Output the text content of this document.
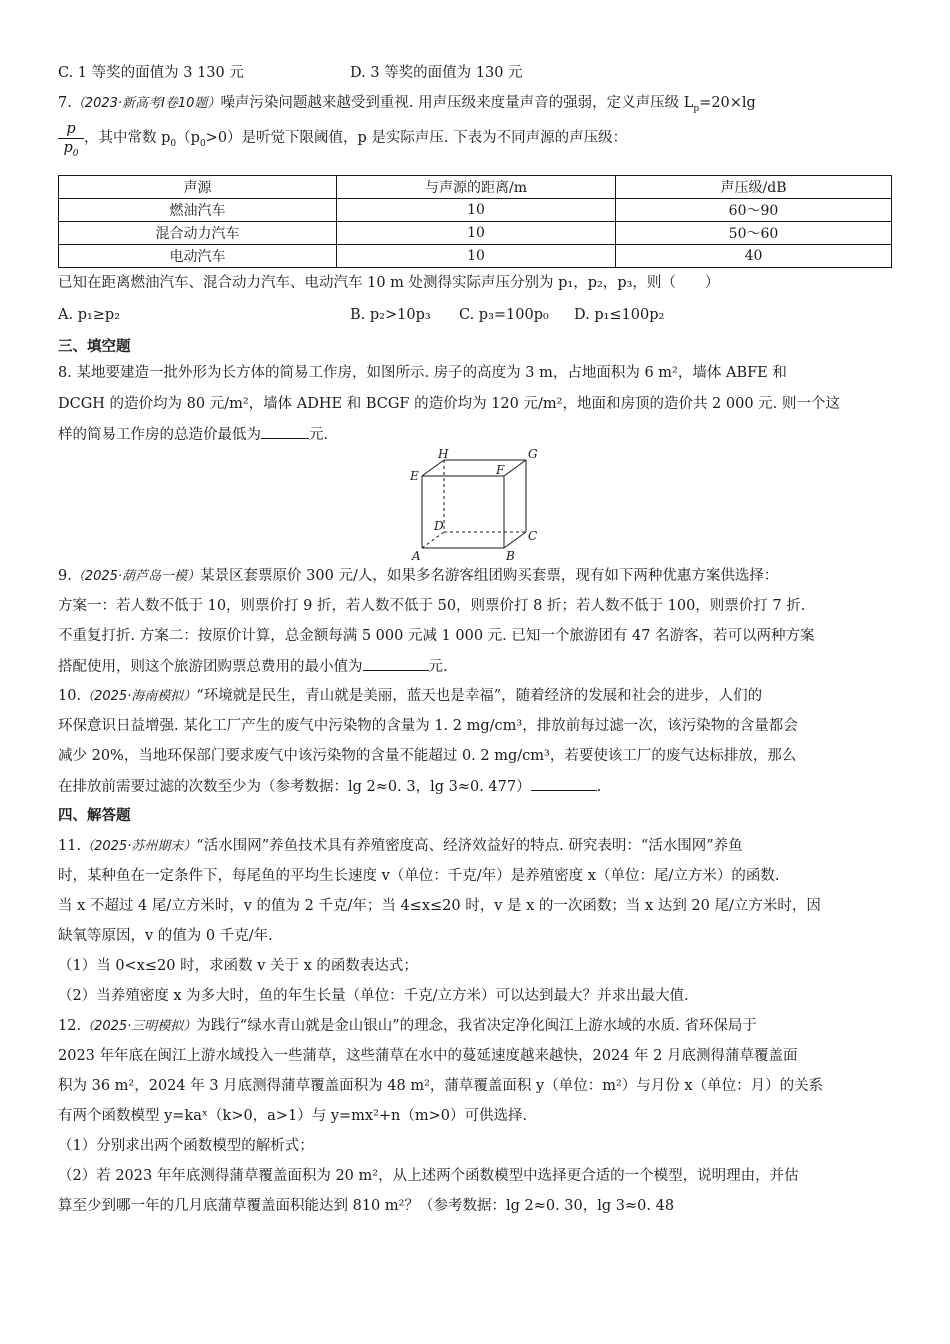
C. 1 等奖的面值为 3 130 元	D. 3 等奖的面值为 130 元
7.（2023·新高考Ⅰ卷10题）噪声污染问题越来越受到重视. 用声压级来度量声音的强弱，定义声压级 $L_p=20\times\lg$
$\frac{p}{p_0}$ ，其中常数 $p_0(p_0>0)$是听觉下限阈值，p 是实际声压. 下表为不同声源的声压级：
声源	与声源的距离/m	声压级/dB
燃油汽车	10	60～90
混合动力汽车	10	50～60
电动汽车	10	40
已知在距离燃油汽车、混合动力汽车、电动汽车 10 m 处测得实际声压分别为 p₁，p₂，p₃，则（　　）
A. p₁≥p₂	B. p₂>10p₃ C. p₃=100p₀ D. p₁≤100p₂
三、填空题
8. 某地要建造一批外形为长方体的简易工作房，如图所示. 房子的高度为 3 m，占地面积为 6 m²，墙体 ABFE 和
DCGH 的造价均为 80 元/m²，墙体 ADHE 和 BCGF 的造价均为 120 元/m²，地面和房顶的造价共 2 000 元. 则一个这
样的简易工作房的总造价最低为	元.
H	G
E	F
D
C
A	B
9.（2025·葫芦岛一模）某景区套票原价 300 元/人，如果多名游客组团购买套票，现有如下两种优惠方案供选择：
方案一：若人数不低于 10，则票价打 9 折，若人数不低于 50，则票价打 8 折；若人数不低于 100，则票价打 7 折.
不重复打折. 方案二：按原价计算，总金额每满 5 000 元减 1 000 元. 已知一个旅游团有 47 名游客，若可以两种方案
搭配使用，则这个旅游团购票总费用的最小值为	元.
10.（2025·海南模拟）“环境就是民生，青山就是美丽，蓝天也是幸福”，随着经济的发展和社会的进步，人们的
环保意识日益增强. 某化工厂产生的废气中污染物的含量为 1. 2 mg/cm³，排放前每过滤一次，该污染物的含量都会
减少 20%，当地环保部门要求废气中该污染物的含量不能超过 0. 2 mg/cm³，若要使该工厂的废气达标排放，那么
在排放前需要过滤的次数至少为（参考数据：lg 2≈0. 3，lg 3≈0. 477）	.
四、解答题
11.（2025·苏州期末）“活水围网”养鱼技术具有养殖密度高、经济效益好的特点. 研究表明：“活水围网”养鱼
时，某种鱼在一定条件下，每尾鱼的平均生长速度 v（单位：千克/年）是养殖密度 x（单位：尾/立方米）的函数.
当 x 不超过 4 尾/立方米时，v 的值为 2 千克/年；当 4≤x≤20 时，v 是 x 的一次函数；当 x 达到 20 尾/立方米时，因
缺氧等原因，v 的值为 0 千克/年.
（1）当 0<x≤20 时，求函数 v 关于 x 的函数表达式；
（2）当养殖密度 x 为多大时，鱼的年生长量（单位：千克/立方米）可以达到最大？并求出最大值.
12.（2025·三明模拟）为践行“绿水青山就是金山银山”的理念，我省决定净化闽江上游水域的水质. 省环保局于
2023 年年底在闽江上游水域投入一些蒲草，这些蒲草在水中的蔓延速度越来越快，2024 年 2 月底测得蒲草覆盖面
积为 36 m²，2024 年 3 月底测得蒲草覆盖面积为 48 m²，蒲草覆盖面积 y（单位：m²）与月份 x（单位：月）的关系
有两个函数模型 y=kaˣ（k>0，a>1）与 y=mx²+n（m>0）可供选择.
（1）分别求出两个函数模型的解析式；
（2）若 2023 年年底测得蒲草覆盖面积为 20 m²，从上述两个函数模型中选择更合适的一个模型，说明理由，并估
算至少到哪一年的几月底蒲草覆盖面积能达到 810 m²？（参考数据：lg 2≈0. 30，lg 3≈0. 48
